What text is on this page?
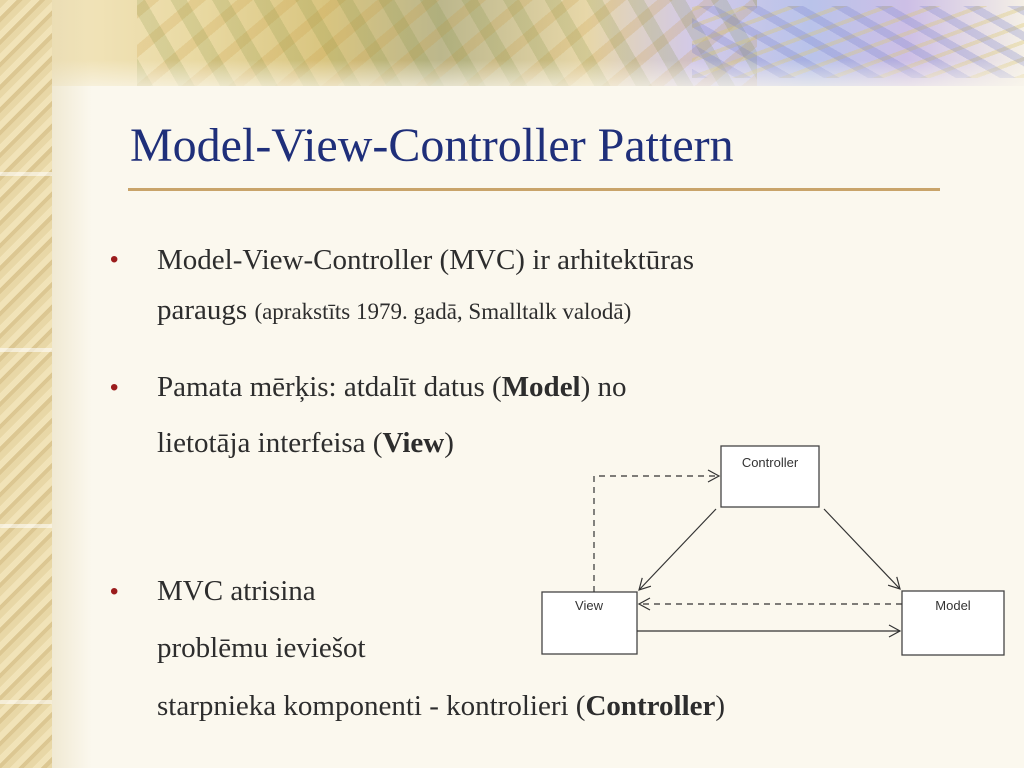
Model-View-Controller Pattern
• Model-View-Controller (MVC) ir arhitektūras
paraugs (aprakstīts 1979. gadā, Smalltalk valodā)
• Pamata mērķis: atdalīt datus (Model) no
lietotāja interfeisa (View)
• MVC atrisina
problēmu ieviešot
starpnieka komponenti - kontrolieri (Controller)
Controller
View	Model
